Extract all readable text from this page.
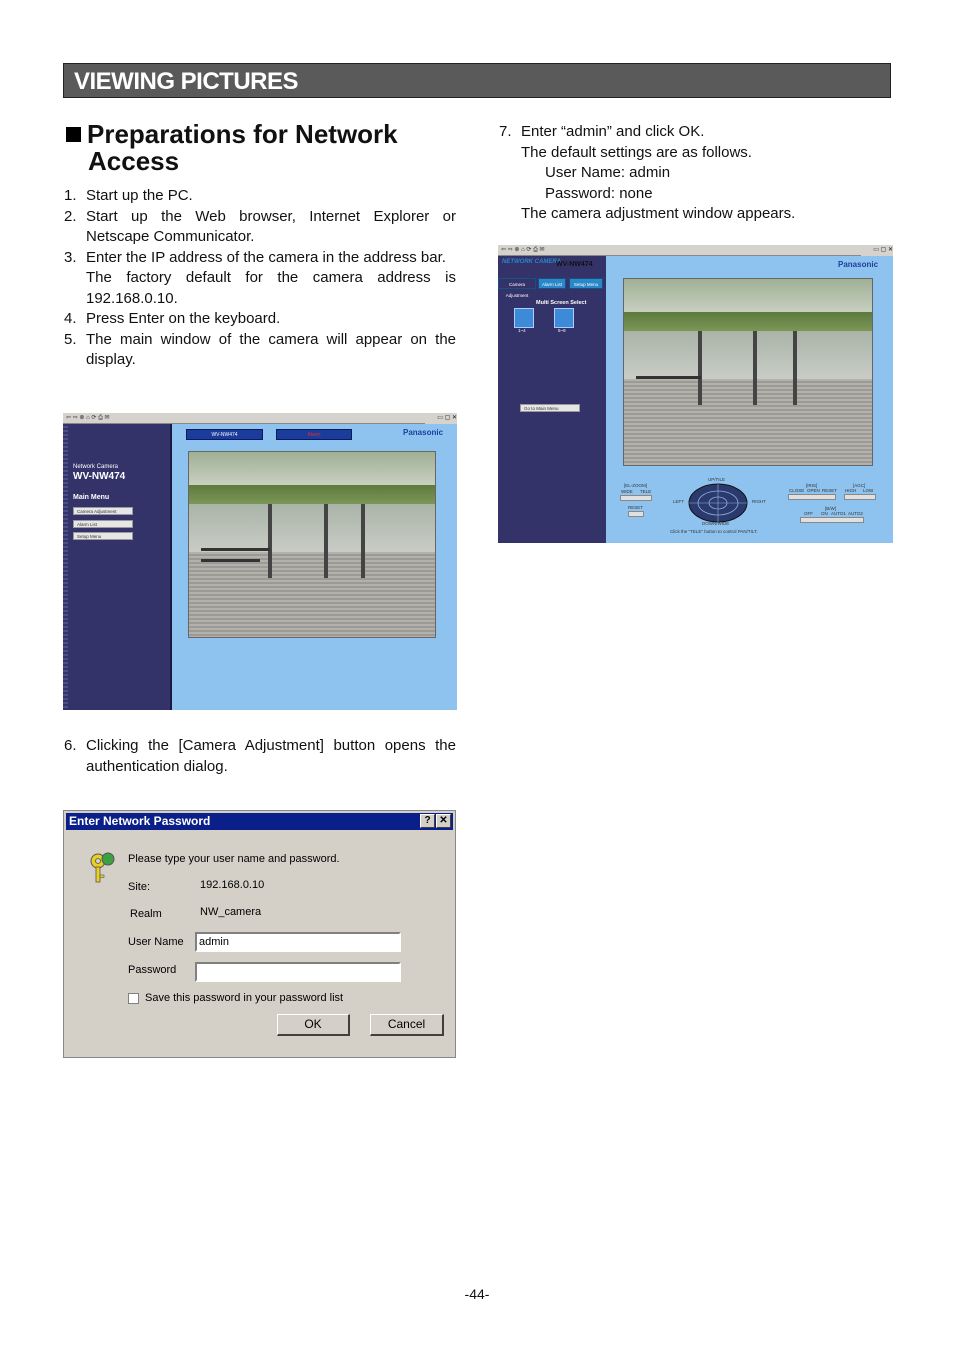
VIEWING PICTURES
Preparations for Network
Access
1. Start up the PC.
2. Start up the Web browser, Internet Explorer or Netscape Communicator.
3. Enter the IP address of the camera in the address bar.
The factory default for the camera address is 192.168.0.10.
4. Press Enter on the keyboard.
5. The main window of the camera will appear on the display.
⇦ ⇨ ⊗ ⌂ ⟳ ⎙ ✉	▭ ▢ ✕
Network Camera
WV-NW474
Main Menu
Camera Adjustment
Alarm List
Setup Menu
WV-NW474	Alarm	Panasonic
6. Clicking the [Camera Adjustment] button opens the authentication dialog.
Enter Network Password	? ✕
Please type your user name and password.
Site:	192.168.0.10
Realm	NW_camera
User Name	admin
Password
Save this password in your password list
OK	Cancel
7. Enter “admin” and click OK.
The default settings are as follows.
User Name: admin
Password: none
The camera adjustment window appears.
⇦ ⇨ ⊗ ⌂ ⟳ ⎙ ✉	▭ ▢ ✕
Multi Screen Select
1~4	5~8
Go to Main Menu
NETWORK CAMERA
WV-NW474	Panasonic
Camera Adjustment
Alarm List	Setup Menu
[EL-ZOOM]
WIDE TELE
RESET
UP/TILE
DOWN/WIDE
LEFT	RIGHT
[IRIS]
CLOSE OPEN RESET
[AGC]
HIGH LOW
[B/W]
OFF ON AUTO1 AUTO2
Click the "TELE" button to control PAN/TILT.
-44-
